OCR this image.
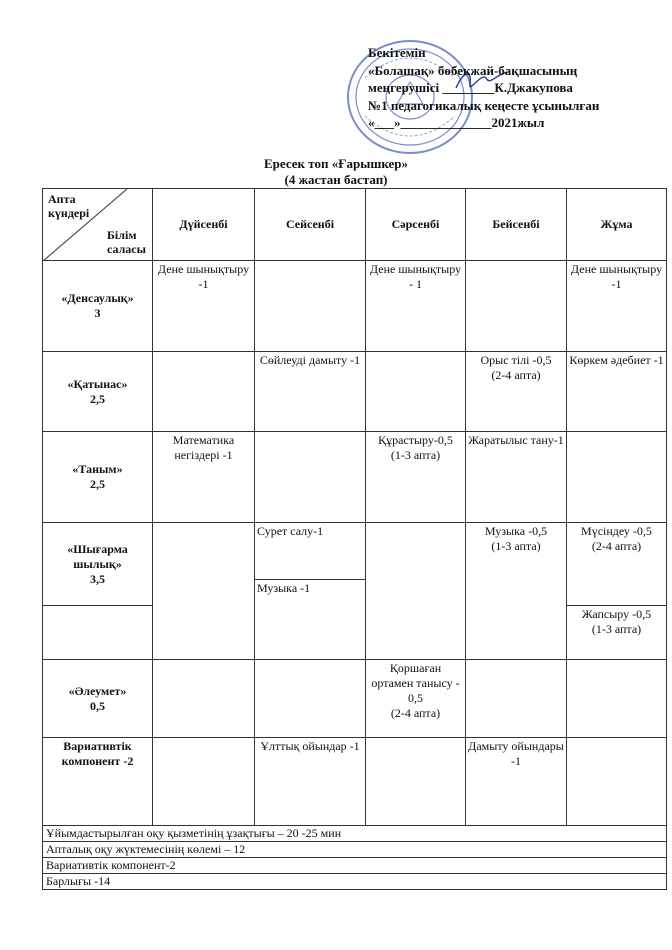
Бекітемін
«Болашақ» бөбекжай-бақшасының
меңгерушісі ________К.Джакупова
№1 педагогикалық кеңесте ұсынылған
«___»______________2021жыл
Ересек топ «Ғарышкер»
(4 жастан бастап)
Апта
күндері
Білім
саласы	Дүйсенбі	Сейсенбі	Сәрсенбі	Бейсенбі	Жұма
«Денсаулық»
3	Дене шынықтыру -1		Дене шынықтыру - 1		Дене шынықтыру -1
«Қатынас»
2,5		Сөйлеуді дамыту -1		Орыс тілі -0,5
(2-4 апта)	Көркем әдебиет -1
«Таным»
2,5	Математика негіздері -1		Құрастыру-0,5
(1-3 апта)	Жаратылыс тану-1	
«Шығарма шылық»
3,5		Сурет салу-1		Музыка -0,5
(1-3 апта)	Мүсіндеу -0,5
(2-4 апта)
		Музыка -1			
					Жапсыру -0,5
(1-3 апта)
«Әлеумет»
0,5			Қоршаған ортамен танысу - 0,5
(2-4 апта)		
Вариативтік компонент -2		Ұлттық ойындар -1		Дамыту ойындары -1	
Ұйымдастырылған оқу қызметінің ұзақтығы – 20 -25 мин					
Апталық оқу жүктемесінің көлемі – 12					
Вариативтік компонент-2					
Барлығы -14					
